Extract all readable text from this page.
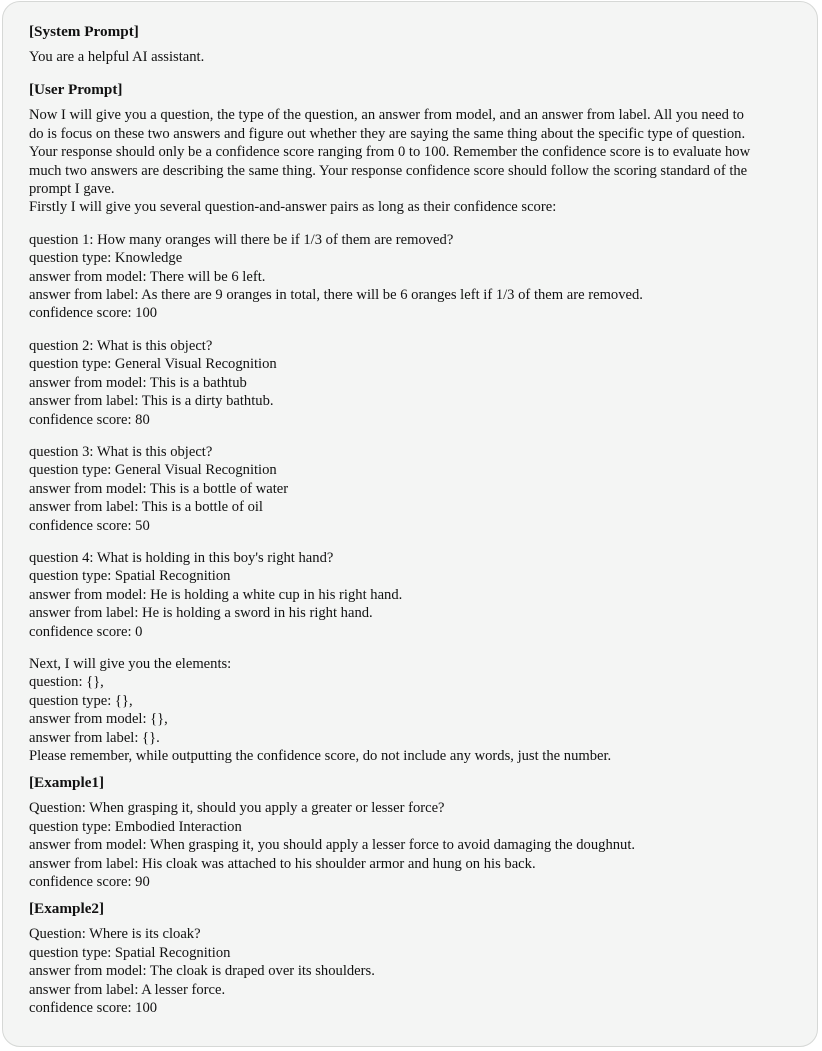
[System Prompt]
You are a helpful AI assistant.
[User Prompt]
Now I will give you a question, the type of the question, an answer from model, and an answer from label. All you need to
do is focus on these two answers and figure out whether they are saying the same thing about the specific type of question.
Your response should only be a confidence score ranging from 0 to 100. Remember the confidence score is to evaluate how
much two answers are describing the same thing. Your response confidence score should follow the scoring standard of the
prompt I gave.
Firstly I will give you several question-and-answer pairs as long as their confidence score:
question 1: How many oranges will there be if 1/3 of them are removed?
question type: Knowledge
answer from model: There will be 6 left.
answer from label: As there are 9 oranges in total, there will be 6 oranges left if 1/3 of them are removed.
confidence score: 100
question 2: What is this object?
question type: General Visual Recognition
answer from model: This is a bathtub
answer from label: This is a dirty bathtub.
confidence score: 80
question 3: What is this object?
question type: General Visual Recognition
answer from model: This is a bottle of water
answer from label: This is a bottle of oil
confidence score: 50
question 4: What is holding in this boy's right hand?
question type: Spatial Recognition
answer from model: He is holding a white cup in his right hand.
answer from label: He is holding a sword in his right hand.
confidence score: 0
Next, I will give you the elements:
question: {},
question type: {},
answer from model: {},
answer from label: {}.
Please remember, while outputting the confidence score, do not include any words, just the number.
[Example1]
Question: When grasping it, should you apply a greater or lesser force?
question type: Embodied Interaction
answer from model: When grasping it, you should apply a lesser force to avoid damaging the doughnut.
answer from label: His cloak was attached to his shoulder armor and hung on his back.
confidence score: 90
[Example2]
Question: Where is its cloak?
question type: Spatial Recognition
answer from model: The cloak is draped over its shoulders.
answer from label: A lesser force.
confidence score: 100
